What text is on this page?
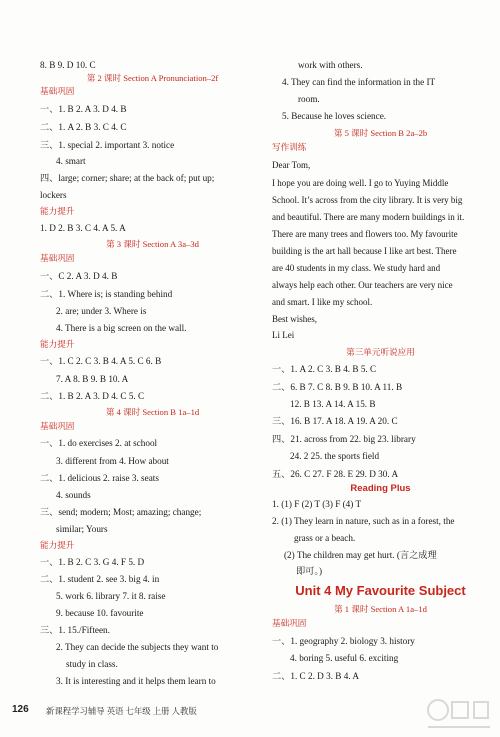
8. B 9. D 10. C
第 2 课时 Section A Pronunciation–2f
基础巩固
一、1. B 2. A 3. D 4. B
二、1. A 2. B 3. C 4. C
三、1. special 2. important 3. notice
4. smart
四、large; corner; share; at the back of; put up;
lockers
能力提升
1. D 2. B 3. C 4. A 5. A
第 3 课时 Section A 3a–3d
基础巩固
一、C 2. A 3. D 4. B
二、1. Where is; is standing behind
2. are; under 3. Where is
4. There is a big screen on the wall.
能力提升
一、1. C 2. C 3. B 4. A 5. C 6. B
7. A 8. B 9. B 10. A
二、1. B 2. A 3. D 4. C 5. C
第 4 课时 Section B 1a–1d
基础巩固
一、1. do exercises 2. at school
3. different from 4. How about
二、1. delicious 2. raise 3. seats
4. sounds
三、send; modern; Most; amazing; change;
similar; Yours
能力提升
一、1. B 2. C 3. G 4. F 5. D
二、1. student 2. see 3. big 4. in
5. work 6. library 7. it 8. raise
9. because 10. favourite
三、1. 15./Fifteen.
2. They can decide the subjects they want to
study in class.
3. It is interesting and it helps them learn to
Reading Plus
Unit 4 My Favourite Subject
work with others.
4. They can find the information in the IT
room.
5. Because he loves science.
第 5 课时 Section B 2a–2b
写作训练
Dear Tom,
I hope you are doing well. I go to Yuying Middle
School. It’s across from the city library. It is very big
and beautiful. There are many modern buildings in it.
There are many trees and flowers too. My favourite
building is the art hall because I like art best. There
are 40 students in my class. We study hard and
always help each other. Our teachers are very nice
and smart. I like my school.
Best wishes,
Li Lei
第三单元听说应用
一、1. A 2. C 3. B 4. B 5. C
二、6. B 7. C 8. B 9. B 10. A 11. B
12. B 13. A 14. A 15. B
三、16. B 17. A 18. A 19. A 20. C
四、21. across from 22. big 23. library
24. 2 25. the sports field
五、26. C 27. F 28. E 29. D 30. A
1. (1) F (2) T (3) F (4) T
2. (1) They learn in nature, such as in a forest, the
grass or a beach.
(2) The children may get hurt. (言之成理
即可。)
第 1 课时 Section A 1a–1d
基础巩固
一、1. geography 2. biology 3. history
4. boring 5. useful 6. exciting
二、1. C 2. D 3. B 4. A
126 新课程学习辅导 英语 七年级 上册 人教版
